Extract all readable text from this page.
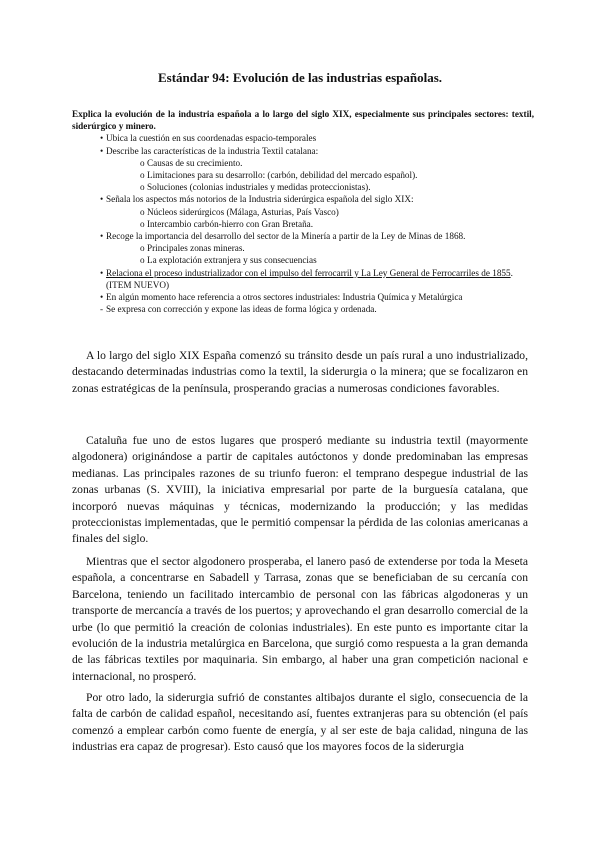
Estándar 94: Evolución de las industrias españolas.
Explica la evolución de la industria española a lo largo del siglo XIX, especialmente sus principales sectores: textil, siderúrgico y minero.
• Ubica la cuestión en sus coordenadas espacio-temporales
• Describe las características de la industria Textil catalana:
o Causas de su crecimiento.
o Limitaciones para su desarrollo: (carbón, debilidad del mercado español).
o Soluciones (colonias industriales y medidas proteccionistas).
• Señala los aspectos más notorios de la Industria siderúrgica española del siglo XIX:
o Núcleos siderúrgicos (Málaga, Asturias, País Vasco)
o Intercambio carbón-hierro con Gran Bretaña.
• Recoge la importancia del desarrollo del sector de la Minería a partir de la Ley de Minas de 1868.
o Principales zonas mineras.
o La explotación extranjera y sus consecuencias
• Relaciona el proceso industrializador con el impulso del ferrocarril y La Ley General de Ferrocarriles de 1855. (ITEM NUEVO)
• En algún momento hace referencia a otros sectores industriales: Industria Química y Metalúrgica
- Se expresa con corrección y expone las ideas de forma lógica y ordenada.

A lo largo del siglo XIX España comenzó su tránsito desde un país rural a uno industrializado, destacando determinadas industrias como la textil, la siderurgia o la minera; que se focalizaron en zonas estratégicas de la península, prosperando gracias a numerosas condiciones favorables.

Cataluña fue uno de estos lugares que prosperó mediante su industria textil (mayormente algodonera) originándose a partir de capitales autóctonos y donde predominaban las empresas medianas. Las principales razones de su triunfo fueron: el temprano despegue industrial de las zonas urbanas (S. XVIII), la iniciativa empresarial por parte de la burguesía catalana, que incorporó nuevas máquinas y técnicas, modernizando la producción; y las medidas proteccionistas implementadas, que le permitió compensar la pérdida de las colonias americanas a finales del siglo.

Mientras que el sector algodonero prosperaba, el lanero pasó de extenderse por toda la Meseta española, a concentrarse en Sabadell y Tarrasa, zonas que se beneficiaban de su cercanía con Barcelona, teniendo un facilitado intercambio de personal con las fábricas algodoneras y un transporte de mercancía a través de los puertos; y aprovechando el gran desarrollo comercial de la urbe (lo que permitió la creación de colonias industriales). En este punto es importante citar la evolución de la industria metalúrgica en Barcelona, que surgió como respuesta a la gran demanda de las fábricas textiles por maquinaria. Sin embargo, al haber una gran competición nacional e internacional, no prosperó.

Por otro lado, la siderurgia sufrió de constantes altibajos durante el siglo, consecuencia de la falta de carbón de calidad español, necesitando así, fuentes extranjeras para su obtención (el país comenzó a emplear carbón como fuente de energía, y al ser este de baja calidad, ninguna de las industrias era capaz de progresar). Esto causó que los mayores focos de la siderurgia
